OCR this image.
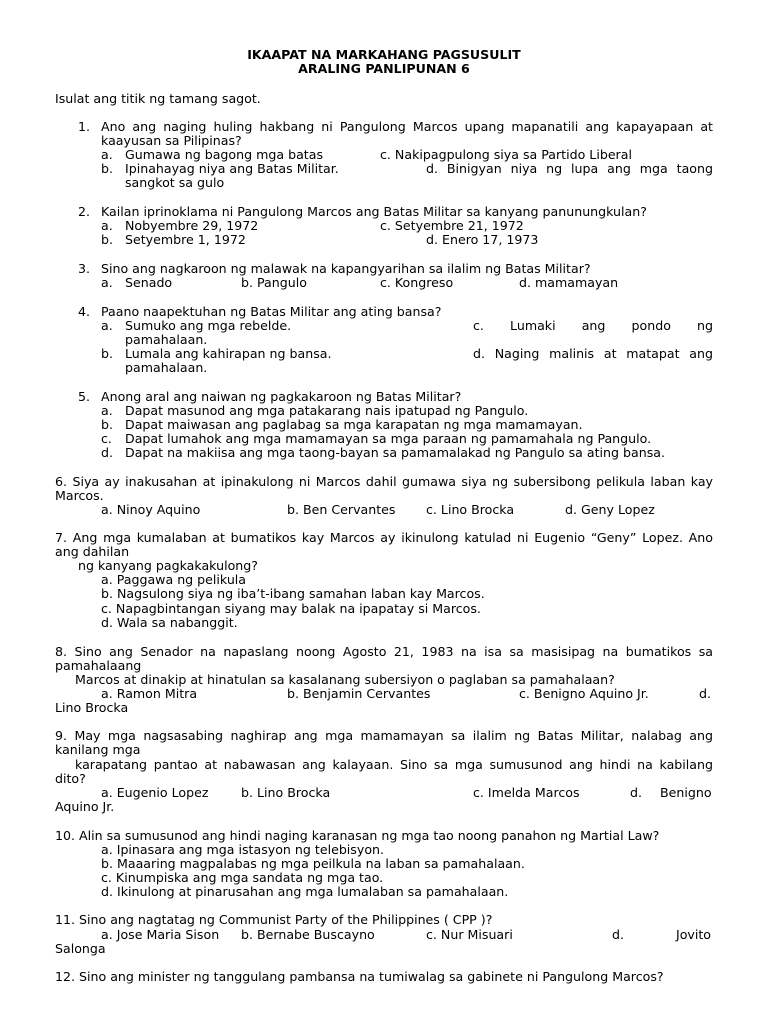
IKAAPAT NA MARKAHANG PAGSUSULIT
ARALING PANLIPUNAN 6
Isulat ang titik ng tamang sagot.
1. Ano ang naging huling hakbang ni Pangulong Marcos upang mapanatili ang kapayapaan at
kaayusan sa Pilipinas?
a. Gumawa ng bagong mga batas	c. Nakipagpulong siya sa Partido Liberal
b. Ipinahayag niya ang Batas Militar.	d. Binigyan niya ng lupa ang mga taong
sangkot sa gulo
2. Kailan iprinoklama ni Pangulong Marcos ang Batas Militar sa kanyang panunungkulan?
a. Nobyembre 29, 1972	c. Setyembre 21, 1972
b. Setyembre 1, 1972	d. Enero 17, 1973
3. Sino ang nagkaroon ng malawak na kapangyarihan sa ilalim ng Batas Militar?
a. Senado	b. Pangulo	c. Kongreso	d. mamamayan
4. Paano naapektuhan ng Batas Militar ang ating bansa?
a. Sumuko ang mga rebelde.	c. Lumaki ang pondo ng
pamahalaan.
b. Lumala ang kahirapan ng bansa.	d. Naging malinis at matapat ang
pamahalaan.
5. Anong aral ang naiwan ng pagkakaroon ng Batas Militar?
a. Dapat masunod ang mga patakarang nais ipatupad ng Pangulo.
b. Dapat maiwasan ang paglabag sa mga karapatan ng mga mamamayan.
c. Dapat lumahok ang mga mamamayan sa mga paraan ng pamamahala ng Pangulo.
d. Dapat na makiisa ang mga taong-bayan sa pamamalakad ng Pangulo sa ating bansa.
6. Siya ay inakusahan at ipinakulong ni Marcos dahil gumawa siya ng subersibong pelikula laban kay
Marcos.
a. Ninoy Aquino	b. Ben Cervantes c. Lino Brocka	d. Geny Lopez
7. Ang mga kumalaban at bumatikos kay Marcos ay ikinulong katulad ni Eugenio “Geny” Lopez. Ano
ang dahilan
ng kanyang pagkakakulong?
a. Paggawa ng pelikula
b. Nagsulong siya ng iba’t-ibang samahan laban kay Marcos.
c. Napagbintangan siyang may balak na ipapatay si Marcos.
d. Wala sa nabanggit.
8. Sino ang Senador na napaslang noong Agosto 21, 1983 na isa sa masisipag na bumatikos sa
pamahalaang
Marcos at dinakip at hinatulan sa kasalanang subersiyon o paglaban sa pamahalaan?
a. Ramon Mitra	b. Benjamin Cervantes	c. Benigno Aquino Jr.	d.
Lino Brocka
9. May mga nagsasabing naghirap ang mga mamamayan sa ilalim ng Batas Militar, nalabag ang
kanilang mga
karapatang pantao at nabawasan ang kalayaan. Sino sa mga sumusunod ang hindi na kabilang
dito?
a. Eugenio Lopez	b. Lino Brocka	c. Imelda Marcos	d. Benigno
Aquino Jr.
10. Alin sa sumusunod ang hindi naging karanasan ng mga tao noong panahon ng Martial Law?
a. Ipinasara ang mga istasyon ng telebisyon.
b. Maaaring magpalabas ng mga peilkula na laban sa pamahalaan.
c. Kinumpiska ang mga sandata ng mga tao.
d. Ikinulong at pinarusahan ang mga lumalaban sa pamahalaan.
11. Sino ang nagtatag ng Communist Party of the Philippines ( CPP )?
a. Jose Maria Sison b. Bernabe Buscayno	c. Nur Misuari	d.	Jovito
Salonga
12. Sino ang minister ng tanggulang pambansa na tumiwalag sa gabinete ni Pangulong Marcos?
